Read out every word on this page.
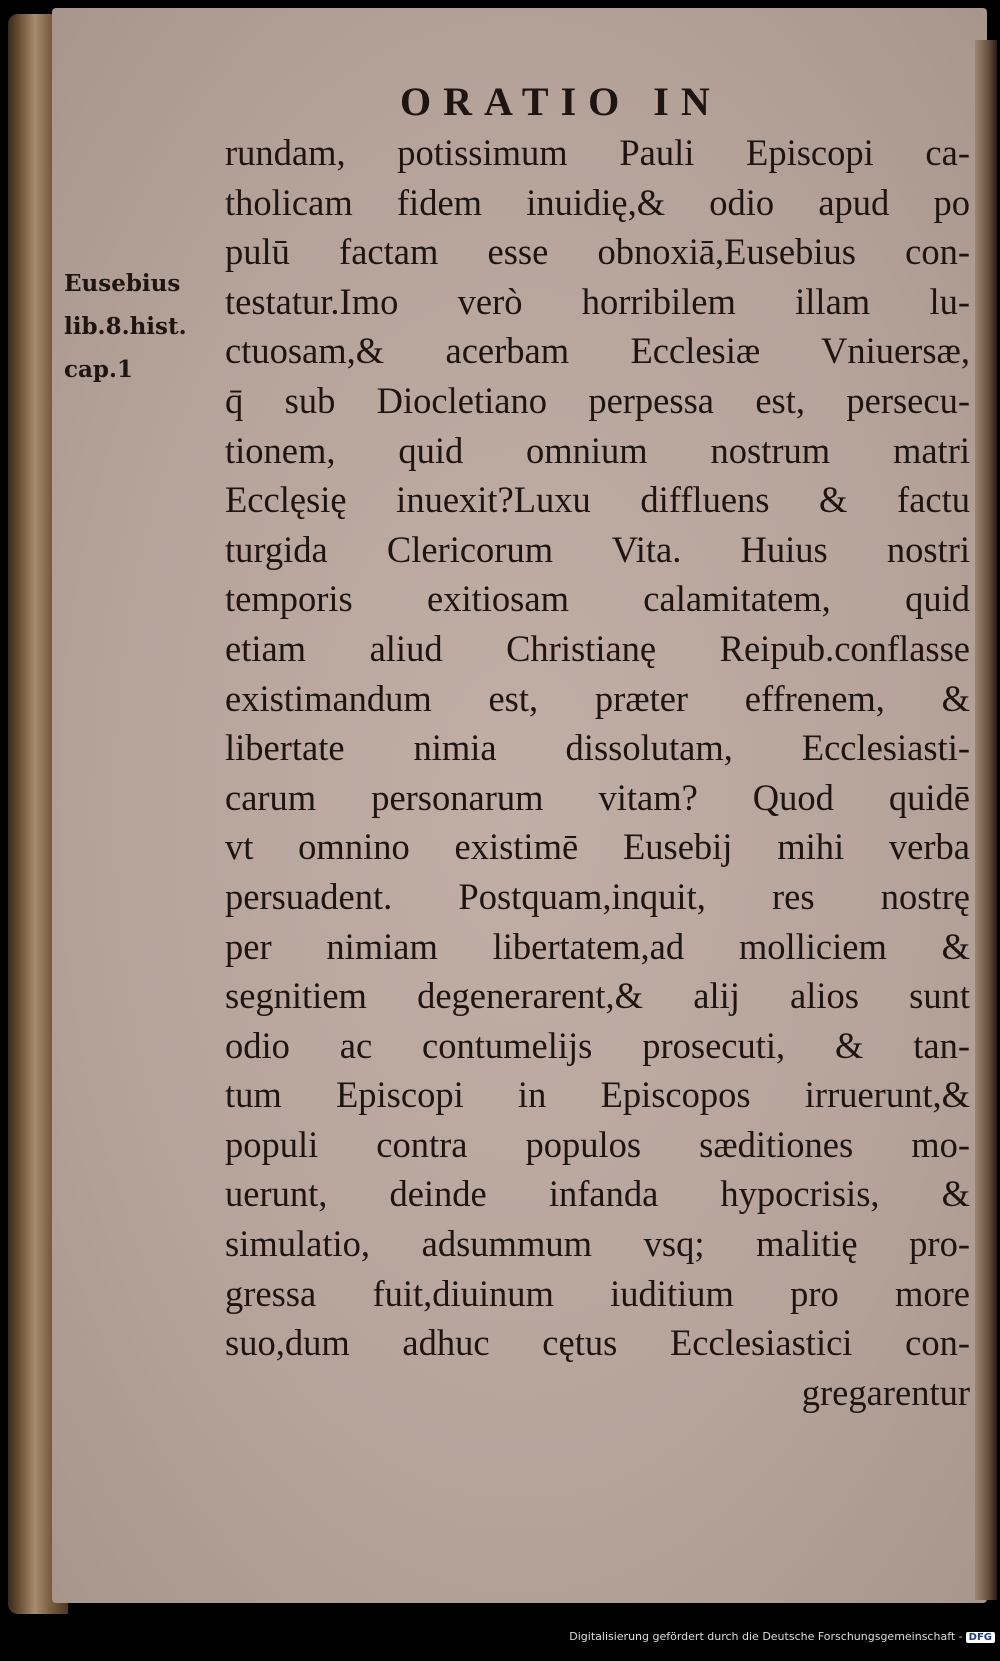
ORATIO IN
Eusebius
lib.8.hist.
cap.1
rundam, potissimum Pauli Episcopi ca-
tholicam fidem inuidię,& odio apud po
pulū factam esse obnoxiā,Eusebius con-
testatur.Imo verò horribilem illam lu-
ctuosam,& acerbam Ecclesiæ Vniuersæ,
q̄ sub Diocletiano perpessa est, persecu-
tionem, quid omnium nostrum matri
Ecclęsię inuexit?Luxu diffluens & factu
turgida Clericorum Vita. Huius nostri
temporis exitiosam calamitatem, quid
etiam aliud Christianę Reipub.conflasse
existimandum est, præter effrenem, &
libertate nimia dissolutam, Ecclesiasti-
carum personarum vitam? Quod quidē
vt omnino existimē Eusebij mihi verba
persuadent. Postquam,inquit, res nostrę
per nimiam libertatem,ad molliciem &
segnitiem degenerarent,& alij alios sunt
odio ac contumelijs prosecuti, & tan-
tum Episcopi in Episcopos irruerunt,&
populi contra populos sæditiones mo-
uerunt, deinde infanda hypocrisis, &
simulatio, adsummum vsq; malitię pro-
gressa fuit,diuinum iuditium pro more
suo,dum adhuc cętus Ecclesiastici con-
gregarentur
Digitalisierung gefördert durch die Deutsche Forschungsgemeinschaft - DFG
